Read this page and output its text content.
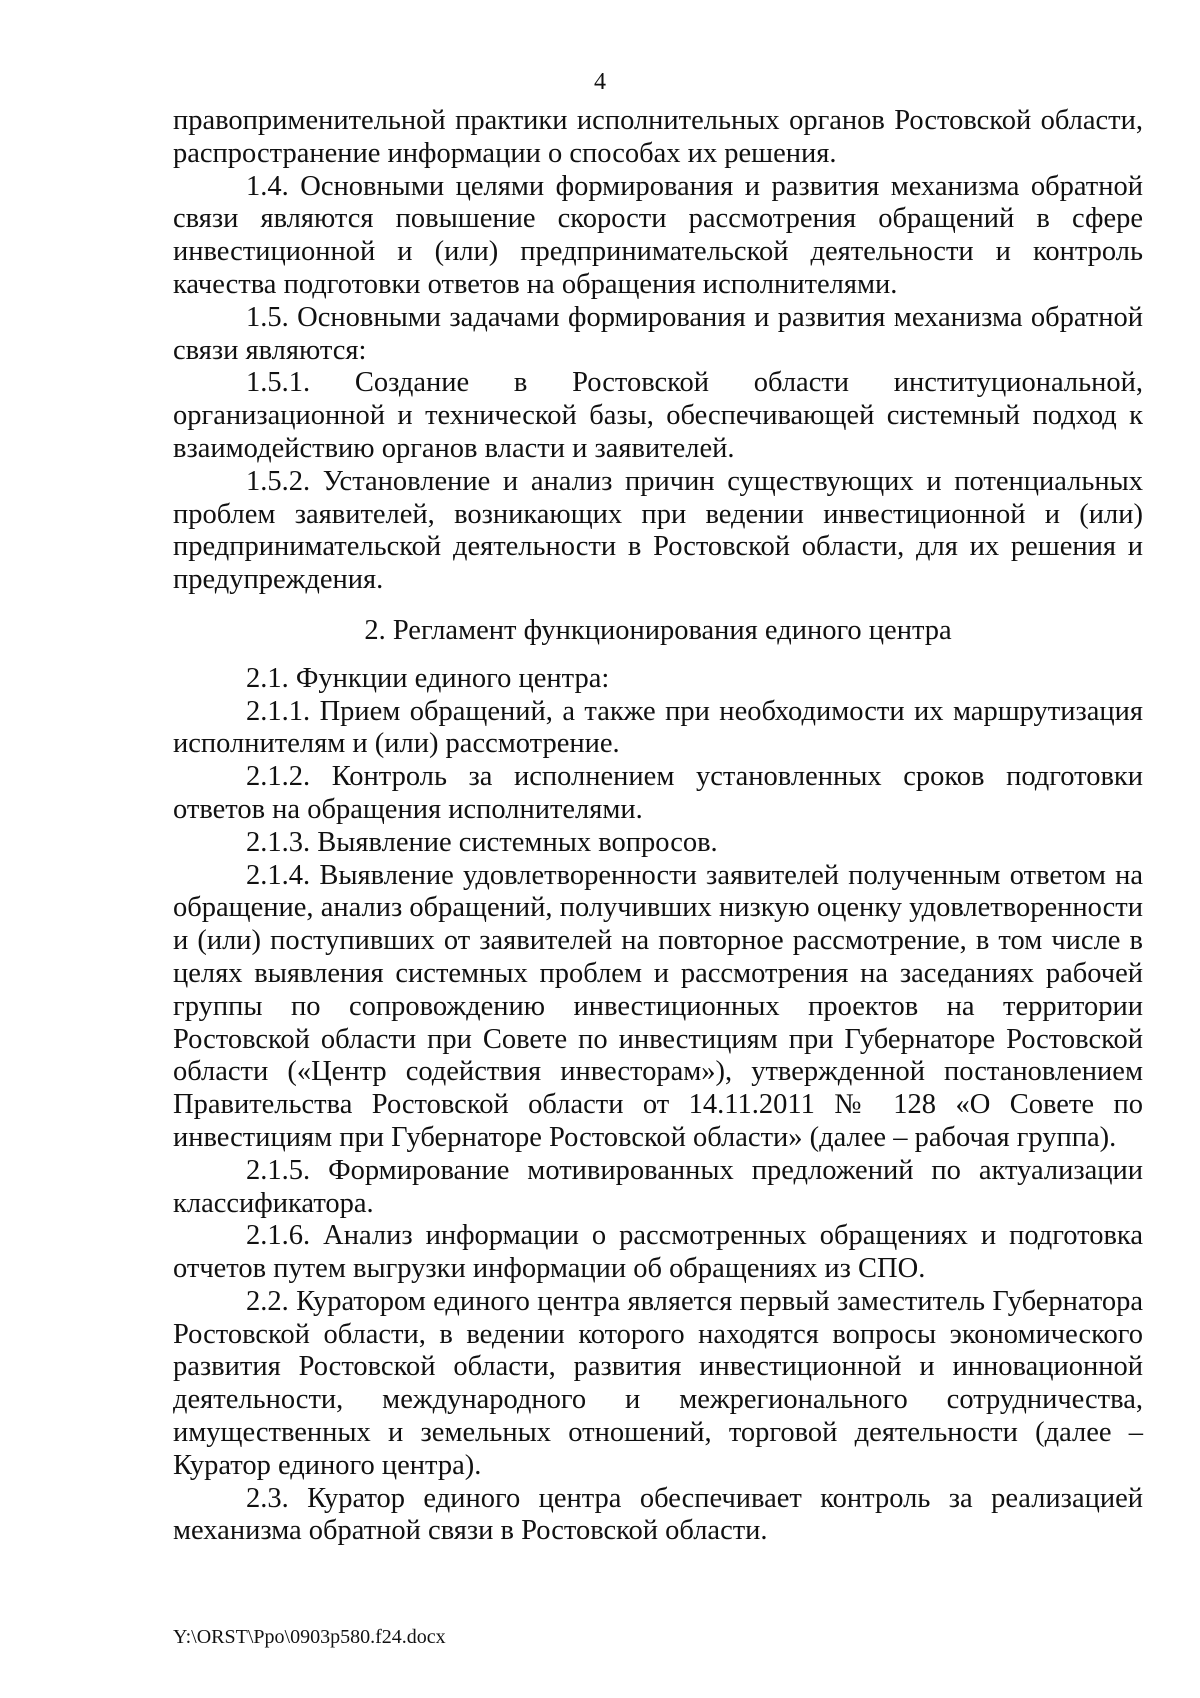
4

правоприменительной практики исполнительных органов Ростовской области, распространение информации о способах их решения.

1.4. Основными целями формирования и развития механизма обратной связи являются повышение скорости рассмотрения обращений в сфере инвестиционной и (или) предпринимательской деятельности и контроль качества подготовки ответов на обращения исполнителями.

1.5. Основными задачами формирования и развития механизма обратной связи являются:

1.5.1. Создание в Ростовской области институциональной, организационной и технической базы, обеспечивающей системный подход к взаимодействию органов власти и заявителей.

1.5.2. Установление и анализ причин существующих и потенциальных проблем заявителей, возникающих при ведении инвестиционной и (или) предпринимательской деятельности в Ростовской области, для их решения и предупреждения.

2. Регламент функционирования единого центра

2.1. Функции единого центра:

2.1.1. Прием обращений, а также при необходимости их маршрутизация исполнителям и (или) рассмотрение.

2.1.2. Контроль за исполнением установленных сроков подготовки ответов на обращения исполнителями.

2.1.3. Выявление системных вопросов.

2.1.4. Выявление удовлетворенности заявителей полученным ответом на обращение, анализ обращений, получивших низкую оценку удовлетворенности и (или) поступивших от заявителей на повторное рассмотрение, в том числе в целях выявления системных проблем и рассмотрения на заседаниях рабочей группы по сопровождению инвестиционных проектов на территории Ростовской области при Совете по инвестициям при Губернаторе Ростовской области («Центр содействия инвесторам»), утвержденной постановлением Правительства Ростовской области от 14.11.2011 № 128 «О Совете по инвестициям при Губернаторе Ростовской области» (далее – рабочая группа).

2.1.5. Формирование мотивированных предложений по актуализации классификатора.

2.1.6. Анализ информации о рассмотренных обращениях и подготовка отчетов путем выгрузки информации об обращениях из СПО.

2.2. Куратором единого центра является первый заместитель Губернатора Ростовской области, в ведении которого находятся вопросы экономического развития Ростовской области, развития инвестиционной и инновационной деятельности, международного и межрегионального сотрудничества, имущественных и земельных отношений, торговой деятельности (далее – Куратор единого центра).

2.3. Куратор единого центра обеспечивает контроль за реализацией механизма обратной связи в Ростовской области.

Y:\ORST\Ppo\0903p580.f24.docx
